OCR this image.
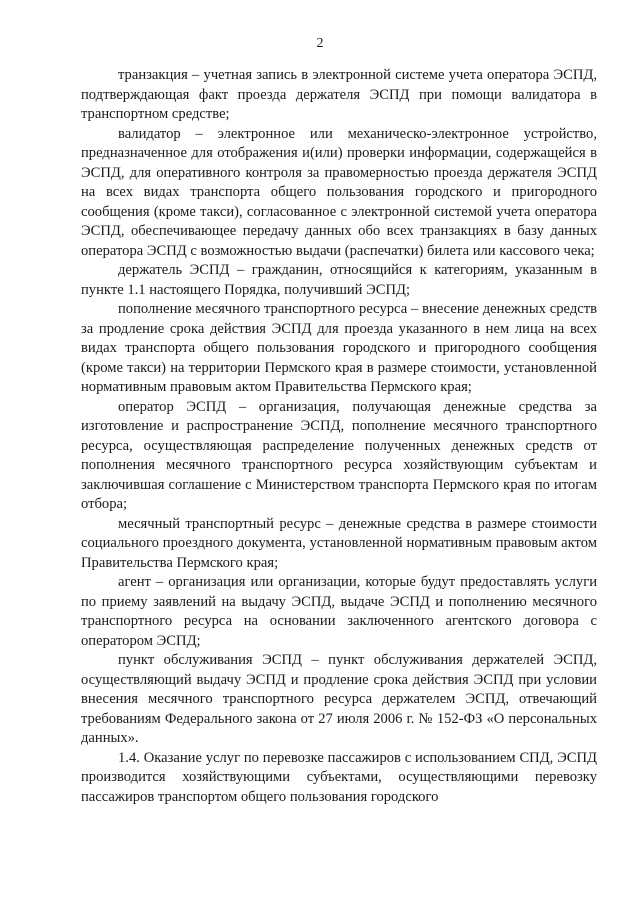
2

транзакция – учетная запись в электронной системе учета оператора ЭСПД, подтверждающая факт проезда держателя ЭСПД при помощи валидатора в транспортном средстве;

валидатор – электронное или механическо-электронное устройство, предназначенное для отображения и(или) проверки информации, содержащейся в ЭСПД, для оперативного контроля за правомерностью проезда держателя ЭСПД на всех видах транспорта общего пользования городского и пригородного сообщения (кроме такси), согласованное с электронной системой учета оператора ЭСПД, обеспечивающее передачу данных обо всех транзакциях в базу данных оператора ЭСПД с возможностью выдачи (распечатки) билета или кассового чека;

держатель ЭСПД – гражданин, относящийся к категориям, указанным в пункте 1.1 настоящего Порядка, получивший ЭСПД;

пополнение месячного транспортного ресурса – внесение денежных средств за продление срока действия ЭСПД для проезда указанного в нем лица на всех видах транспорта общего пользования городского и пригородного сообщения (кроме такси) на территории Пермского края в размере стоимости, установленной нормативным правовым актом Правительства Пермского края;

оператор ЭСПД – организация, получающая денежные средства за изготовление и распространение ЭСПД, пополнение месячного транспортного ресурса, осуществляющая распределение полученных денежных средств от пополнения месячного транспортного ресурса хозяйствующим субъектам и заключившая соглашение с Министерством транспорта Пермского края по итогам отбора;

месячный транспортный ресурс – денежные средства в размере стоимости социального проездного документа, установленной нормативным правовым актом Правительства Пермского края;

агент – организация или организации, которые будут предоставлять услуги по приему заявлений на выдачу ЭСПД, выдаче ЭСПД и пополнению месячного транспортного ресурса на основании заключенного агентского договора с оператором ЭСПД;

пункт обслуживания ЭСПД – пункт обслуживания держателей ЭСПД, осуществляющий выдачу ЭСПД и продление срока действия ЭСПД при условии внесения месячного транспортного ресурса держателем ЭСПД, отвечающий требованиям Федерального закона от 27 июля 2006 г. № 152-ФЗ «О персональных данных».

1.4. Оказание услуг по перевозке пассажиров с использованием СПД, ЭСПД производится хозяйствующими субъектами, осуществляющими перевозку пассажиров транспортом общего пользования городского
